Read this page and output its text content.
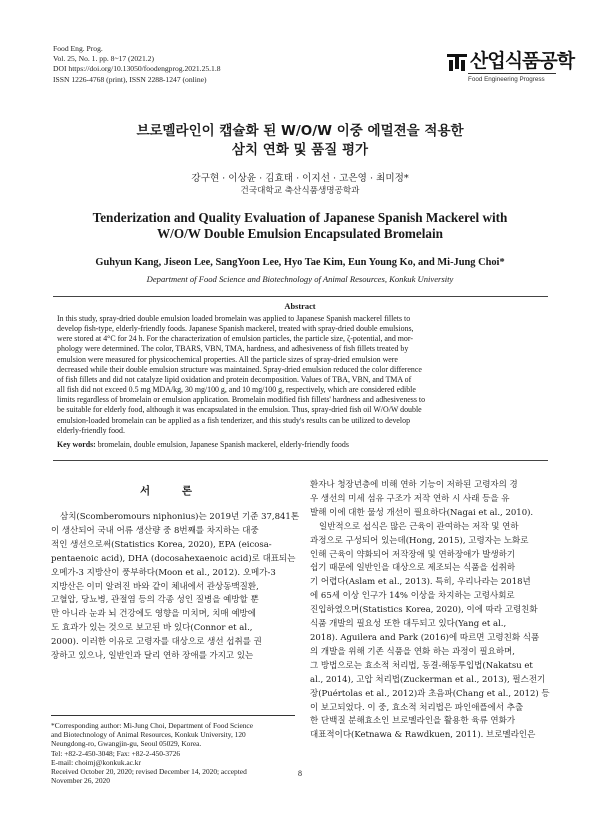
Food Eng. Prog.
Vol. 25, No. 1. pp. 8~17 (2021.2)
DOI https://doi.org/10.13050/foodengprog.2021.25.1.8
ISSN 1226-4768 (print), ISSN 2288-1247 (online)
산업식품공학
Food Engineering Progress
브로멜라인이 캡슐화 된 W/O/W 이중 에멀젼을 적용한
삼치 연화 및 품질 평가
강구현 · 이상윤 · 김효태 · 이지선 · 고은영 · 최미정*
건국대학교 축산식품생명공학과
Tenderization and Quality Evaluation of Japanese Spanish Mackerel with
W/O/W Double Emulsion Encapsulated Bromelain
Guhyun Kang, Jiseon Lee, SangYoon Lee, Hyo Tae Kim, Eun Young Ko, and Mi-Jung Choi*
Department of Food Science and Biotechnology of Animal Resources, Konkuk University
Abstract
In this study, spray-dried double emulsion loaded bromelain was applied to Japanese Spanish mackerel fillets to
develop fish-type, elderly-friendly foods. Japanese Spanish mackerel, treated with spray-dried double emulsions,
were stored at 4°C for 24 h. For the characterization of emulsion particles, the particle size, ζ-potential, and mor-
phology were determined. The color, TBARS, VBN, TMA, hardness, and adhesiveness of fish fillets treated by
emulsion were measured for physicochemical properties. All the particle sizes of spray-dried emulsion were
decreased while their double emulsion structure was maintained. Spray-dried emulsion reduced the color difference
of fish fillets and did not catalyze lipid oxidation and protein decomposition. Values of TBA, VBN, and TMA of
all fish did not exceed 0.5 mg MDA/kg, 30 mg/100 g, and 10 mg/100 g, respectively, which are considered edible
limits regardless of bromelain or emulsion application. Bromelain modified fish fillets' hardness and adhesiveness to
be suitable for elderly food, although it was encapsulated in the emulsion. Thus, spray-dried fish oil W/O/W double
emulsion-loaded bromelain can be applied as a fish tenderizer, and this study's results can be utilized to develop
elderly-friendly food.
Key words: bromelain, double emulsion, Japanese Spanish mackerel, elderly-friendly foods
서 론
삼치(Scomberomours niphonius)는 2019년 기준 37,841톤
이 생산되어 국내 어류 생산량 중 8번째를 차지하는 대중
적인 생선으로써(Statistics Korea, 2020), EPA (eicosa-
pentaenoic acid), DHA (docosahexaenoic acid)로 대표되는
오메가-3 지방산이 풍부하다(Moon et al., 2012). 오메가-3
지방산은 이미 알려진 바와 같이 체내에서 관상동맥질환,
고혈압, 당뇨병, 관절염 등의 각종 성인 질병을 예방할 뿐
만 아니라 눈과 뇌 건강에도 영향을 미치며, 치매 예방에
도 효과가 있는 것으로 보고된 바 있다(Connor et al.,
2000). 이러한 이유로 고령자를 대상으로 생선 섭취를 권
장하고 있으나, 일반인과 달리 연하 장애를 가지고 있는
환자나 청장년층에 비해 연하 기능이 저하된 고령자의 경
우 생선의 미세 섬유 구조가 저작 연하 시 사래 등을 유
발해 이에 대한 물성 개선이 필요하다(Nagai et al., 2010).
일반적으로 섭식은 많은 근육이 관여하는 저작 및 연하
과정으로 구성되어 있는데(Hong, 2015), 고령자는 노화로
인해 근육이 약화되어 저작장애 및 연하장애가 발생하기
쉽기 때문에 일반인을 대상으로 제조되는 식품을 섭취하
기 어렵다(Aslam et al., 2013). 특히, 우리나라는 2018년
에 65세 이상 인구가 14% 이상을 차지하는 고령사회로
진입하였으며(Statistics Korea, 2020), 이에 따라 고령친화
식품 개발의 필요성 또한 대두되고 있다(Yang et al.,
2018). Aguilera and Park (2016)에 따르면 고령친화 식품
의 개발을 위해 기존 식품을 연화 하는 과정이 필요하며,
그 방법으로는 효소적 처리법, 동결-해동투입법(Nakatsu et
al., 2014), 고압 처리법(Zuckerman et al., 2013), 펄스전기
장(Puértolas et al., 2012)과 초음파(Chang et al., 2012) 등
이 보고되었다. 이 중, 효소적 처리법은 파인애플에서 추출
한 단백질 분해효소인 브로멜라인을 활용한 육류 연화가
대표적이다(Ketnawa & Rawdkuen, 2011). 브로멜라인은
*Corresponding author: Mi-Jung Choi, Department of Food Science
and Biotechnology of Animal Resources, Konkuk University, 120
Neungdong-ro, Gwangjin-gu, Seoul 05029, Korea.
Tel: +82-2-450-3048; Fax: +82-2-450-3726
E-mail: choimj@konkuk.ac.kr
Received October 20, 2020; revised December 14, 2020; accepted
November 26, 2020
8
